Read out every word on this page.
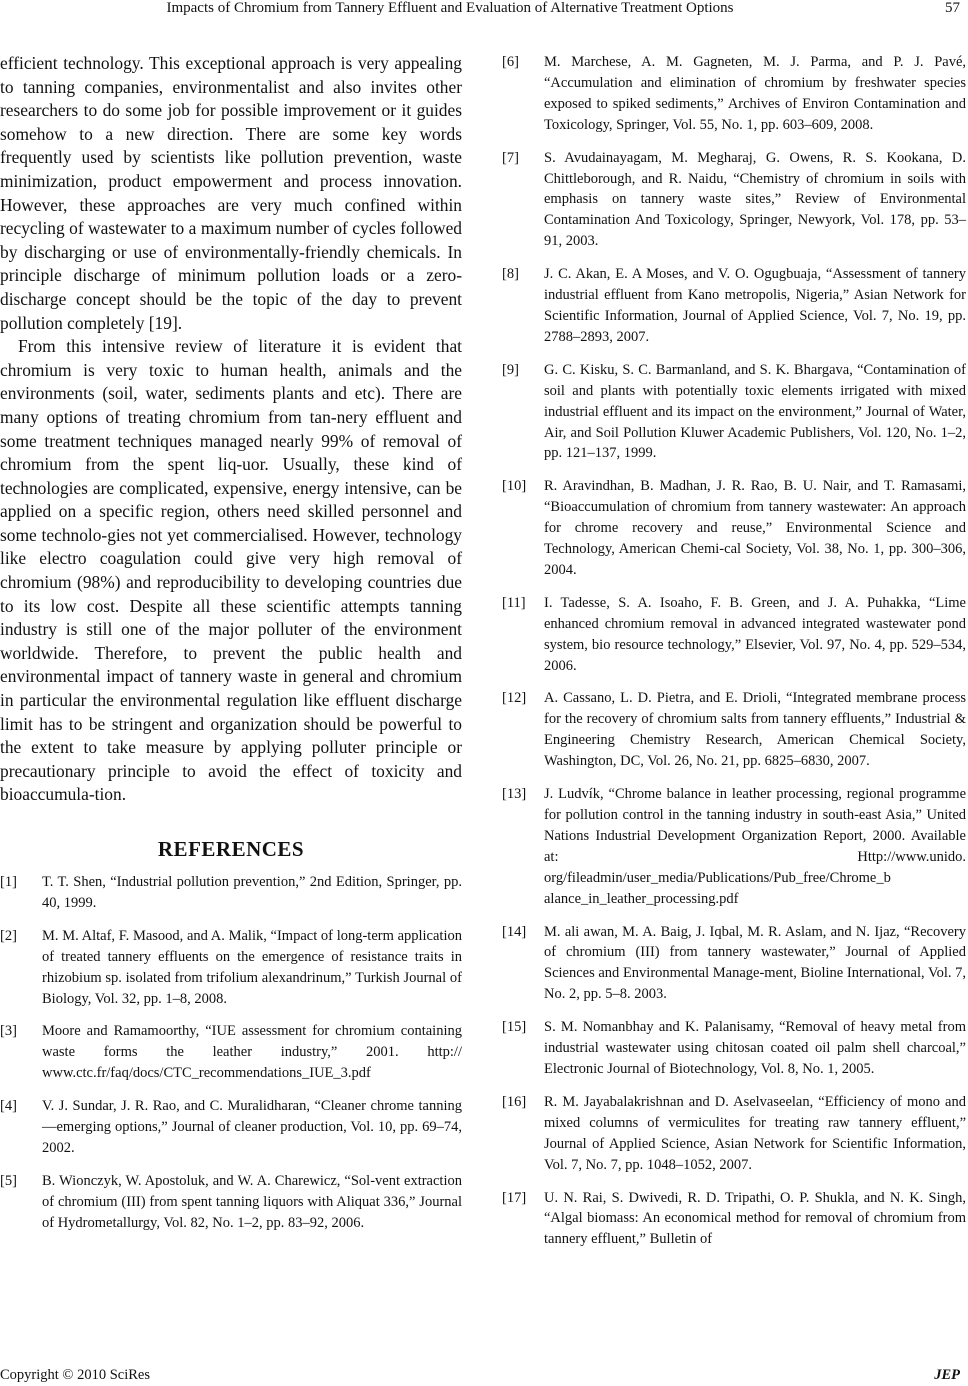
Impacts of Chromium from Tannery Effluent and Evaluation of Alternative Treatment Options	57

efficient technology. This exceptional approach is very appealing to tanning companies, environmentalist and also invites other researchers to do some job for possible improvement or it guides somehow to a new direction. There are some key words frequently used by scientists like pollution prevention, waste minimization, product empowerment and process innovation. However, these approaches are very much confined within recycling of wastewater to a maximum number of cycles followed by discharging or use of environmentally-friendly chemicals. In principle discharge of minimum pollution loads or a zero-discharge concept should be the topic of the day to prevent pollution completely [19].

From this intensive review of literature it is evident that chromium is very toxic to human health, animals and the environments (soil, water, sediments plants and etc). There are many options of treating chromium from tan-nery effluent and some treatment techniques managed nearly 99% of removal of chromium from the spent liq-uor. Usually, these kind of technologies are complicated, expensive, energy intensive, can be applied on a specific region, others need skilled personnel and some technolo-gies not yet commercialised. However, technology like electro coagulation could give very high removal of chromium (98%) and reproducibility to developing countries due to its low cost. Despite all these scientific attempts tanning industry is still one of the major polluter of the environment worldwide. Therefore, to prevent the public health and environmental impact of tannery waste in general and chromium in particular the environmental regulation like effluent discharge limit has to be stringent and organization should be powerful to the extent to take measure by applying polluter principle or precautionary principle to avoid the effect of toxicity and bioaccumula-tion.

REFERENCES
[1]	T. T. Shen, “Industrial pollution prevention,” 2nd Edition, Springer, pp. 40, 1999.
[2]	M. M. Altaf, F. Masood, and A. Malik, “Impact of long-term application of treated tannery effluents on the emergence of resistance traits in rhizobium sp. isolated from trifolium alexandrinum,” Turkish Journal of Biology, Vol. 32, pp. 1–8, 2008.
[3]	Moore and Ramamoorthy, “IUE assessment for chromium containing waste forms the leather industry,” 2001. http:// www.ctc.fr/faq/docs/CTC_recommendations_IUE_3.pdf
[4]	V. J. Sundar, J. R. Rao, and C. Muralidharan, “Cleaner chrome tanning—emerging options,” Journal of cleaner production, Vol. 10, pp. 69–74, 2002.
[5]	B. Wionczyk, W. Apostoluk, and W. A. Charewicz, “Sol-vent extraction of chromium (III) from spent tanning liquors with Aliquat 336,” Journal of Hydrometallurgy, Vol. 82, No. 1–2, pp. 83–92, 2006.
[6]	M. Marchese, A. M. Gagneten, M. J. Parma, and P. J. Pavé, “Accumulation and elimination of chromium by freshwater species exposed to spiked sediments,” Archives of Environ Contamination and Toxicology, Springer, Vol. 55, No. 1, pp. 603–609, 2008.
[7]	S. Avudainayagam, M. Megharaj, G. Owens, R. S. Kookana, D. Chittleborough, and R. Naidu, “Chemistry of chromium in soils with emphasis on tannery waste sites,” Review of Environmental Contamination And Toxicology, Springer, Newyork, Vol. 178, pp. 53–91, 2003.
[8]	J. C. Akan, E. A Moses, and V. O. Ogugbuaja, “Assessment of tannery industrial effluent from Kano metropolis, Nigeria,” Asian Network for Scientific Information, Journal of Applied Science, Vol. 7, No. 19, pp. 2788–2893, 2007.
[9]	G. C. Kisku, S. C. Barmanland, and S. K. Bhargava, “Contamination of soil and plants with potentially toxic elements irrigated with mixed industrial effluent and its impact on the environment,” Journal of Water, Air, and Soil Pollution Kluwer Academic Publishers, Vol. 120, No. 1–2, pp. 121–137, 1999.
[10]	R. Aravindhan, B. Madhan, J. R. Rao, B. U. Nair, and T. Ramasami, “Bioaccumulation of chromium from tannery wastewater: An approach for chrome recovery and reuse,” Environmental Science and Technology, American Chemi-cal Society, Vol. 38, No. 1, pp. 300–306, 2004.
[11]	I. Tadesse, S. A. Isoaho, F. B. Green, and J. A. Puhakka, “Lime enhanced chromium removal in advanced integrated wastewater pond system, bio resource technology,” Elsevier, Vol. 97, No. 4, pp. 529–534, 2006.
[12]	A. Cassano, L. D. Pietra, and E. Drioli, “Integrated membrane process for the recovery of chromium salts from tannery effluents,” Industrial & Engineering Chemistry Research, American Chemical Society, Washington, DC, Vol. 26, No. 21, pp. 6825–6830, 2007.
[13]	J. Ludvík, “Chrome balance in leather processing, regional programme for pollution control in the tanning industry in south-east Asia,” United Nations Industrial Development Organization Report, 2000. Available at: Http://www.unido. org/fileadmin/user_media/Publications/Pub_free/Chrome_b alance_in_leather_processing.pdf
[14]	M. ali awan, M. A. Baig, J. Iqbal, M. R. Aslam, and N. Ijaz, “Recovery of chromium (III) from tannery wastewater,” Journal of Applied Sciences and Environmental Manage-ment, Bioline International, Vol. 7, No. 2, pp. 5–8. 2003.
[15]	S. M. Nomanbhay and K. Palanisamy, “Removal of heavy metal from industrial wastewater using chitosan coated oil palm shell charcoal,” Electronic Journal of Biotechnology, Vol. 8, No. 1, 2005.
[16]	R. M. Jayabalakrishnan and D. Aselvaseelan, “Efficiency of mono and mixed columns of vermiculites for treating raw tannery effluent,” Journal of Applied Science, Asian Network for Scientific Information, Vol. 7, No. 7, pp. 1048–1052, 2007.
[17]	U. N. Rai, S. Dwivedi, R. D. Tripathi, O. P. Shukla, and N. K. Singh, “Algal biomass: An economical method for removal of chromium from tannery effluent,” Bulletin of
Copyright © 2010 SciRes	JEP
